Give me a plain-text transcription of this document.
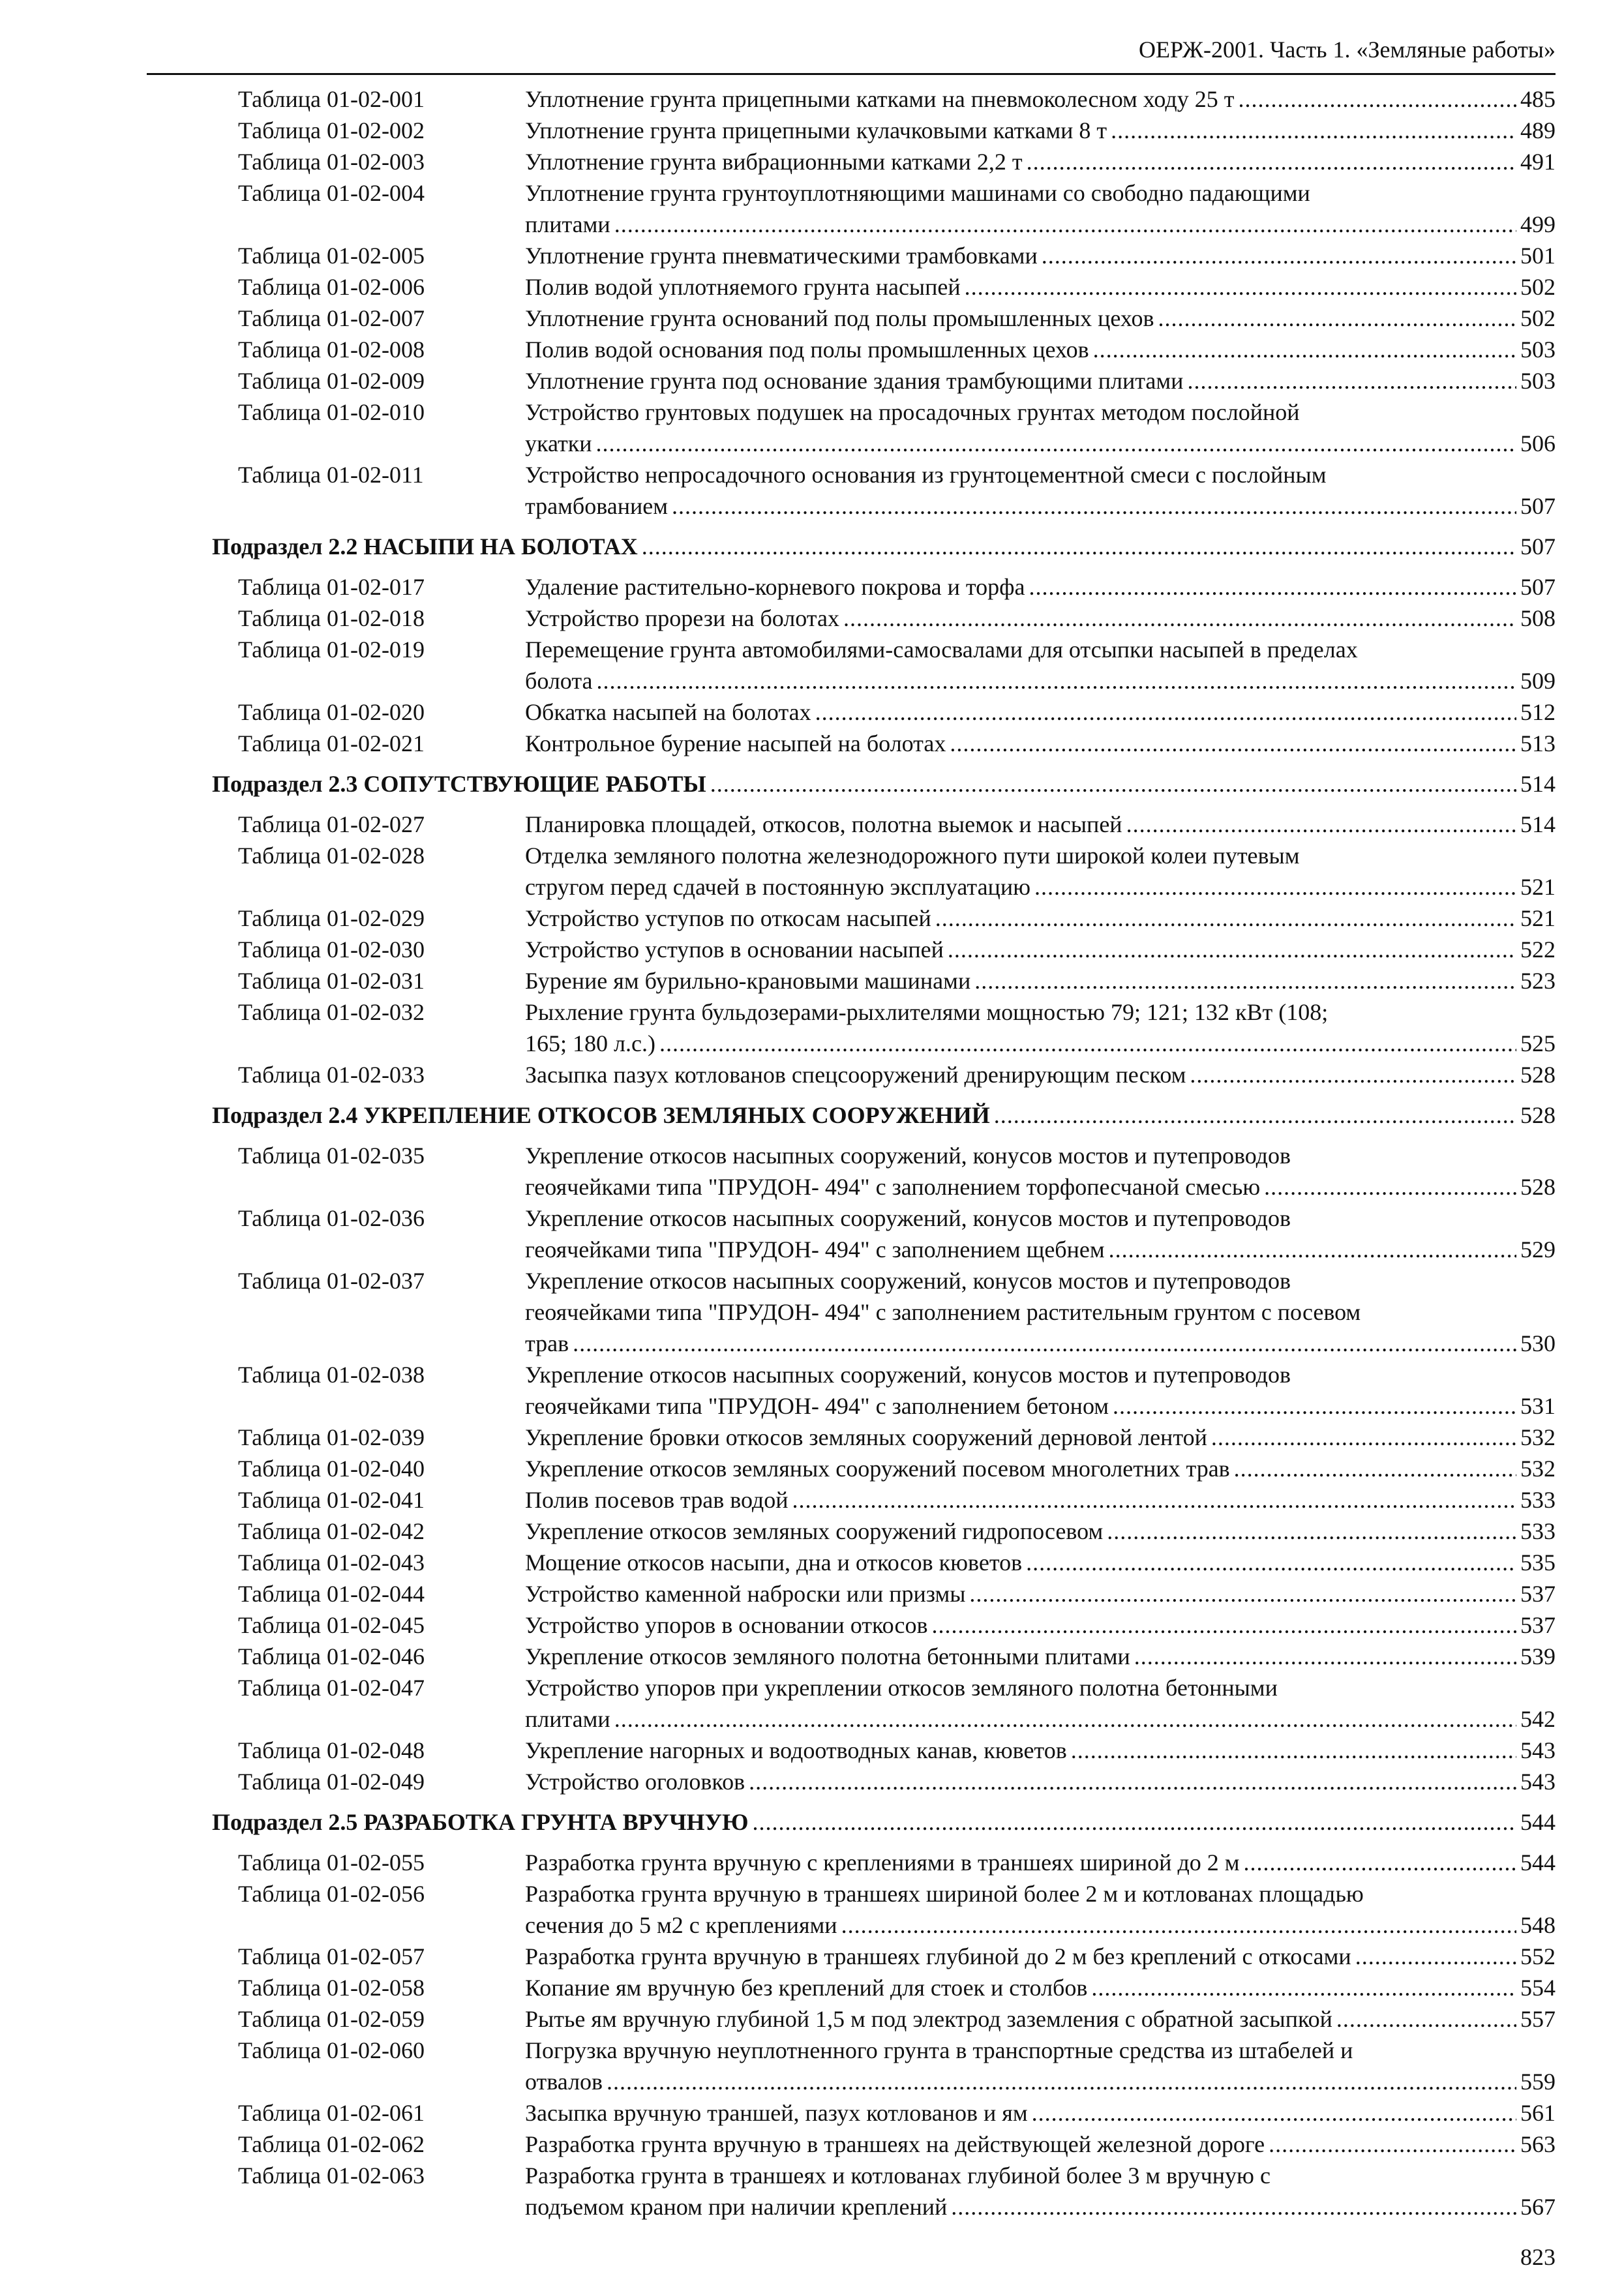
ОЕРЖ-2001. Часть 1. «Земляные работы»
Таблица 01-02-001	Уплотнение грунта прицепными катками на пневмоколесном ходу 25 т . . .	485
Таблица 01-02-002	Уплотнение грунта прицепными кулачковыми катками 8 т . . .	489
Таблица 01-02-003	Уплотнение грунта вибрационными катками 2,2 т . . .	491
Таблица 01-02-004	Уплотнение грунта грунтоуплотняющими машинами со свободно падающими
плитами . . .	499
Таблица 01-02-005	Уплотнение грунта пневматическими трамбовками . . .	501
Таблица 01-02-006	Полив водой уплотняемого грунта насыпей . . .	502
Таблица 01-02-007	Уплотнение грунта оснований под полы промышленных цехов . . .	502
Таблица 01-02-008	Полив водой основания под полы промышленных цехов . . .	503
Таблица 01-02-009	Уплотнение грунта под основание здания трамбующими плитами . . .	503
Таблица 01-02-010	Устройство грунтовых подушек на просадочных грунтах методом послойной
укатки . . .	506
Таблица 01-02-011	Устройство непросадочного основания из грунтоцементной смеси с послойным
трамбованием . . .	507
Подраздел 2.2 НАСЫПИ НА БОЛОТАХ . . .	507
Таблица 01-02-017	Удаление растительно-корневого покрова и торфа . . .	507
Таблица 01-02-018	Устройство прорези на болотах . . .	508
Таблица 01-02-019	Перемещение грунта автомобилями-самосвалами для отсыпки насыпей в пределах
болота . . .	509
Таблица 01-02-020	Обкатка насыпей на болотах . . .	512
Таблица 01-02-021	Контрольное бурение насыпей на болотах . . .	513
Подраздел 2.3 СОПУТСТВУЮЩИЕ РАБОТЫ . . .	514
Таблица 01-02-027	Планировка площадей, откосов, полотна выемок и насыпей . . .	514
Таблица 01-02-028	Отделка земляного полотна железнодорожного пути широкой колеи путевым
стругом перед сдачей в постоянную эксплуатацию . . .	521
Таблица 01-02-029	Устройство уступов по откосам насыпей . . .	521
Таблица 01-02-030	Устройство уступов в основании насыпей . . .	522
Таблица 01-02-031	Бурение ям бурильно-крановыми машинами . . .	523
Таблица 01-02-032	Рыхление грунта бульдозерами-рыхлителями мощностью 79; 121; 132 кВт (108;
165; 180 л.с.) . . .	525
Таблица 01-02-033	Засыпка пазух котлованов спецсооружений дренирующим песком . . .	528
Подраздел 2.4 УКРЕПЛЕНИЕ ОТКОСОВ ЗЕМЛЯНЫХ СООРУЖЕНИЙ . . .	528
Таблица 01-02-035	Укрепление откосов насыпных сооружений, конусов мостов и путепроводов
геоячейками типа "ПРУДОН- 494" с заполнением торфопесчаной смесью . . .	528
Таблица 01-02-036	Укрепление откосов насыпных сооружений, конусов мостов и путепроводов
геоячейками типа "ПРУДОН- 494" с заполнением щебнем . . .	529
Таблица 01-02-037	Укрепление откосов насыпных сооружений, конусов мостов и путепроводов
геоячейками типа "ПРУДОН- 494" с заполнением растительным грунтом с посевом
трав . . .	530
Таблица 01-02-038	Укрепление откосов насыпных сооружений, конусов мостов и путепроводов
геоячейками типа "ПРУДОН- 494" с заполнением бетоном . . .	531
Таблица 01-02-039	Укрепление бровки откосов земляных сооружений дерновой лентой . . .	532
Таблица 01-02-040	Укрепление откосов земляных сооружений посевом многолетних трав . . .	532
Таблица 01-02-041	Полив посевов трав водой . . .	533
Таблица 01-02-042	Укрепление откосов земляных сооружений гидропосевом . . .	533
Таблица 01-02-043	Мощение откосов насыпи, дна и откосов кюветов . . .	535
Таблица 01-02-044	Устройство каменной наброски или призмы . . .	537
Таблица 01-02-045	Устройство упоров в основании откосов . . .	537
Таблица 01-02-046	Укрепление откосов земляного полотна бетонными плитами . . .	539
Таблица 01-02-047	Устройство упоров при укреплении откосов земляного полотна бетонными
плитами . . .	542
Таблица 01-02-048	Укрепление нагорных и водоотводных канав, кюветов . . .	543
Таблица 01-02-049	Устройство оголовков . . .	543
Подраздел 2.5 РАЗРАБОТКА ГРУНТА ВРУЧНУЮ . . .	544
Таблица 01-02-055	Разработка грунта вручную с креплениями в траншеях шириной до 2 м . . .	544
Таблица 01-02-056	Разработка грунта вручную в траншеях шириной более 2 м и котлованах площадью
сечения до 5 м2 с креплениями . . .	548
Таблица 01-02-057	Разработка грунта вручную в траншеях глубиной до 2 м без креплений с откосами . . .	552
Таблица 01-02-058	Копание ям вручную без креплений для стоек и столбов . . .	554
Таблица 01-02-059	Рытье ям вручную глубиной 1,5 м под электрод заземления с обратной засыпкой . . .	557
Таблица 01-02-060	Погрузка вручную неуплотненного грунта в транспортные средства из штабелей и
отвалов . . .	559
Таблица 01-02-061	Засыпка вручную траншей, пазух котлованов и ям . . .	561
Таблица 01-02-062	Разработка грунта вручную в траншеях на действующей железной дороге . . .	563
Таблица 01-02-063	Разработка грунта в траншеях и котлованах глубиной более 3 м вручную с
подъемом краном при наличии креплений . . .	567
823
